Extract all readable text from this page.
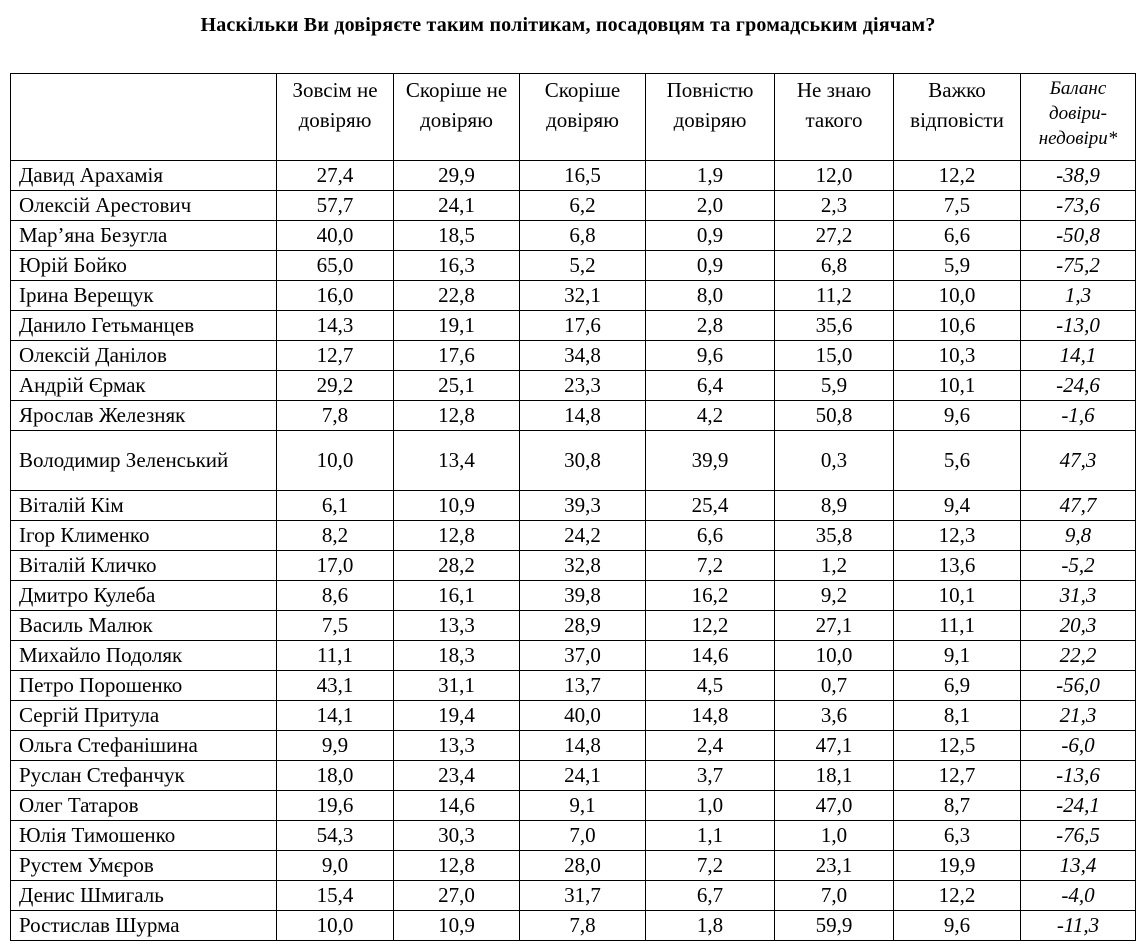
Наскільки Ви довіряєте таким політикам, посадовцям та громадським діячам?
	Зовсім не довіряю	Скоріше не довіряю	Скоріше довіряю	Повністю довіряю	Не знаю такого	Важко відповісти	Баланс довіри-недовіри*
Давид Арахамія	27,4	29,9	16,5	1,9	12,0	12,2	-38,9
Олексій Арестович	57,7	24,1	6,2	2,0	2,3	7,5	-73,6
Мар’яна Безугла	40,0	18,5	6,8	0,9	27,2	6,6	-50,8
Юрій Бойко	65,0	16,3	5,2	0,9	6,8	5,9	-75,2
Ірина Верещук	16,0	22,8	32,1	8,0	11,2	10,0	1,3
Данило Гетьманцев	14,3	19,1	17,6	2,8	35,6	10,6	-13,0
Олексій Данілов	12,7	17,6	34,8	9,6	15,0	10,3	14,1
Андрій Єрмак	29,2	25,1	23,3	6,4	5,9	10,1	-24,6
Ярослав Железняк	7,8	12,8	14,8	4,2	50,8	9,6	-1,6
Володимир Зеленський	10,0	13,4	30,8	39,9	0,3	5,6	47,3
Віталій Кім	6,1	10,9	39,3	25,4	8,9	9,4	47,7
Ігор Клименко	8,2	12,8	24,2	6,6	35,8	12,3	9,8
Віталій Кличко	17,0	28,2	32,8	7,2	1,2	13,6	-5,2
Дмитро Кулеба	8,6	16,1	39,8	16,2	9,2	10,1	31,3
Василь Малюк	7,5	13,3	28,9	12,2	27,1	11,1	20,3
Михайло Подоляк	11,1	18,3	37,0	14,6	10,0	9,1	22,2
Петро Порошенко	43,1	31,1	13,7	4,5	0,7	6,9	-56,0
Сергій Притула	14,1	19,4	40,0	14,8	3,6	8,1	21,3
Ольга Стефанішина	9,9	13,3	14,8	2,4	47,1	12,5	-6,0
Руслан Стефанчук	18,0	23,4	24,1	3,7	18,1	12,7	-13,6
Олег Татаров	19,6	14,6	9,1	1,0	47,0	8,7	-24,1
Юлія Тимошенко	54,3	30,3	7,0	1,1	1,0	6,3	-76,5
Рустем Умєров	9,0	12,8	28,0	7,2	23,1	19,9	13,4
Денис Шмигаль	15,4	27,0	31,7	6,7	7,0	12,2	-4,0
Ростислав Шурма	10,0	10,9	7,8	1,8	59,9	9,6	-11,3
